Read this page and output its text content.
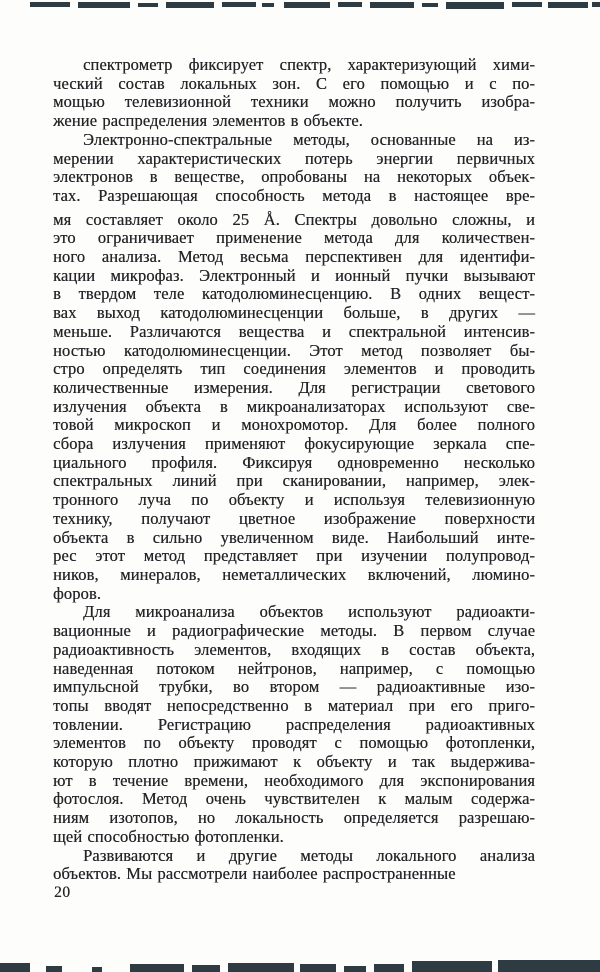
спектрометр фиксирует спектр, характеризующий хими-
ческий состав локальных зон. С его помощью и с по-
мощью телевизионной техники можно получить изобра-
жение распределения элементов в объекте.
Электронно-спектральные методы, основанные на из-
мерении характеристических потерь энергии первичных
электронов в веществе, опробованы на некоторых объек-
тах. Разрешающая способность метода в настоящее вре-
мя составляет около 25 Å. Спектры довольно сложны, и
это ограничивает применение метода для количествен-
ного анализа. Метод весьма перспективен для идентифи-
кации микрофаз. Электронный и ионный пучки вызывают
в твердом теле катодолюминесценцию. В одних вещест-
вах выход катодолюминесценции больше, в других —
меньше. Различаются вещества и спектральной интенсив-
ностью катодолюминесценции. Этот метод позволяет бы-
стро определять тип соединения элементов и проводить
количественные измерения. Для регистрации светового
излучения объекта в микроанализаторах используют све-
товой микроскоп и монохромотор. Для более полного
сбора излучения применяют фокусирующие зеркала спе-
циального профиля. Фиксируя одновременно несколько
спектральных линий при сканировании, например, элек-
тронного луча по объекту и используя телевизионную
технику, получают цветное изображение поверхности
объекта в сильно увеличенном виде. Наибольший инте-
рес этот метод представляет при изучении полупровод-
ников, минералов, неметаллических включений, люмино-
форов.
Для микроанализа объектов используют радиоакти-
вационные и радиографические методы. В первом случае
радиоактивность элементов, входящих в состав объекта,
наведенная потоком нейтронов, например, с помощью
импульсной трубки, во втором — радиоактивные изо-
топы вводят непосредственно в материал при его приго-
товлении. Регистрацию распределения радиоактивных
элементов по объекту проводят с помощью фотопленки,
которую плотно прижимают к объекту и так выдержива-
ют в течение времени, необходимого для экспонирования
фотослоя. Метод очень чувствителен к малым содержа-
ниям изотопов, но локальность определяется разрешаю-
щей способностью фотопленки.
Развиваются и другие методы локального анализа
объектов. Мы рассмотрели наиболее распространенные
20
